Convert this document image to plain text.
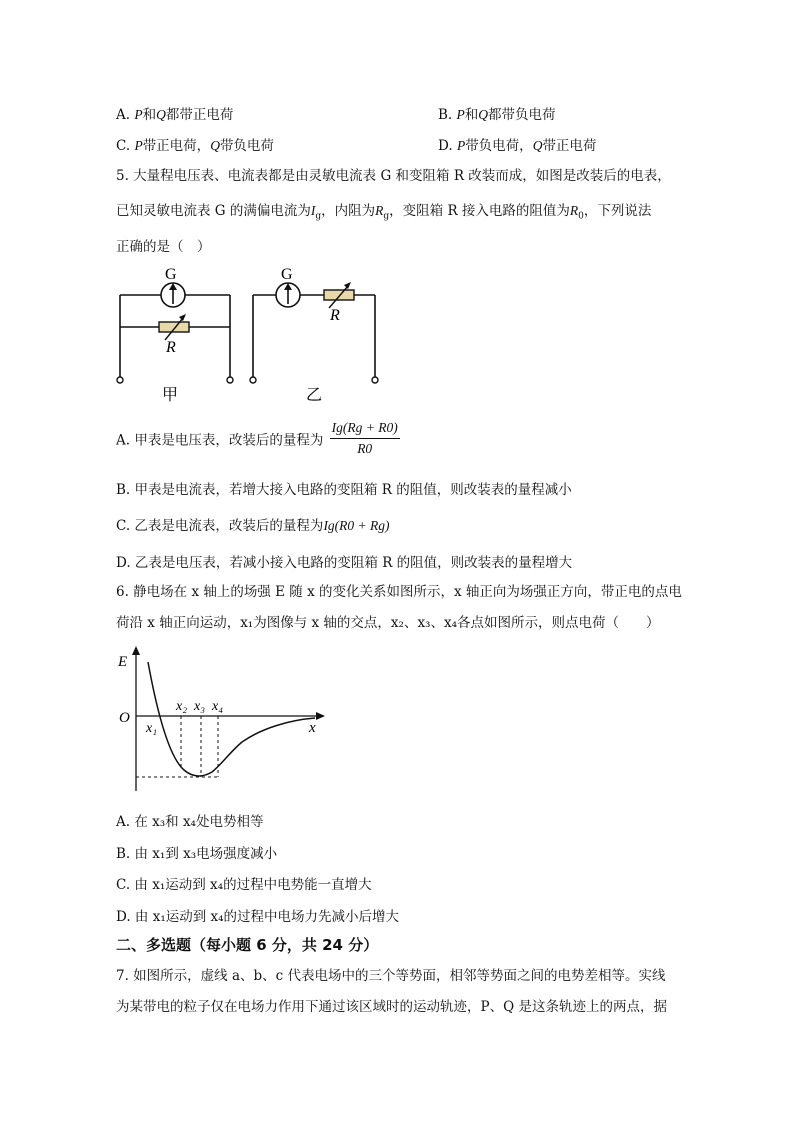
A. P和Q都带正电荷	B. P和Q都带负电荷
C. P带正电荷，Q带负电荷	D. P带负电荷，Q带正电荷
5. 大量程电压表、电流表都是由灵敏电流表 G 和变阻箱 R 改装而成，如图是改装后的电表，
已知灵敏电流表 G 的满偏电流为$I_g$，内阻为$R_g$，变阻箱 R 接入电路的阻值为$R_0$，下列说法
正确的是（　）
G
R
甲
G
R
乙
A. 甲表是电压表，改装后的量程为 $\frac{Ig(Rg + R0)}{R0}$
B. 甲表是电流表，若增大接入电路的变阻箱 R 的阻值，则改装表的量程减小
C. 乙表是电流表，改装后的量程为Ig(R0 + Rg)
D. 乙表是电压表，若减小接入电路的变阻箱 R 的阻值，则改装表的量程增大
6. 静电场在 x 轴上的场强 E 随 x 的变化关系如图所示，x 轴正向为场强正方向，带正电的点电
荷沿 x 轴正向运动，x₁为图像与 x 轴的交点，x₂、x₃、x₄各点如图所示，则点电荷（　　）
E
O
x
x₁
x₂ x₃ x₄
A. 在 x₃和 x₄处电势相等
B. 由 x₁到 x₃电场强度减小
C. 由 x₁运动到 x₄的过程中电势能一直增大
D. 由 x₁运动到 x₄的过程中电场力先减小后增大
二、多选题（每小题 6 分，共 24 分）
7. 如图所示，虚线 a、b、c 代表电场中的三个等势面，相邻等势面之间的电势差相等。实线
为某带电的粒子仅在电场力作用下通过该区域时的运动轨迹，P、Q 是这条轨迹上的两点，据
